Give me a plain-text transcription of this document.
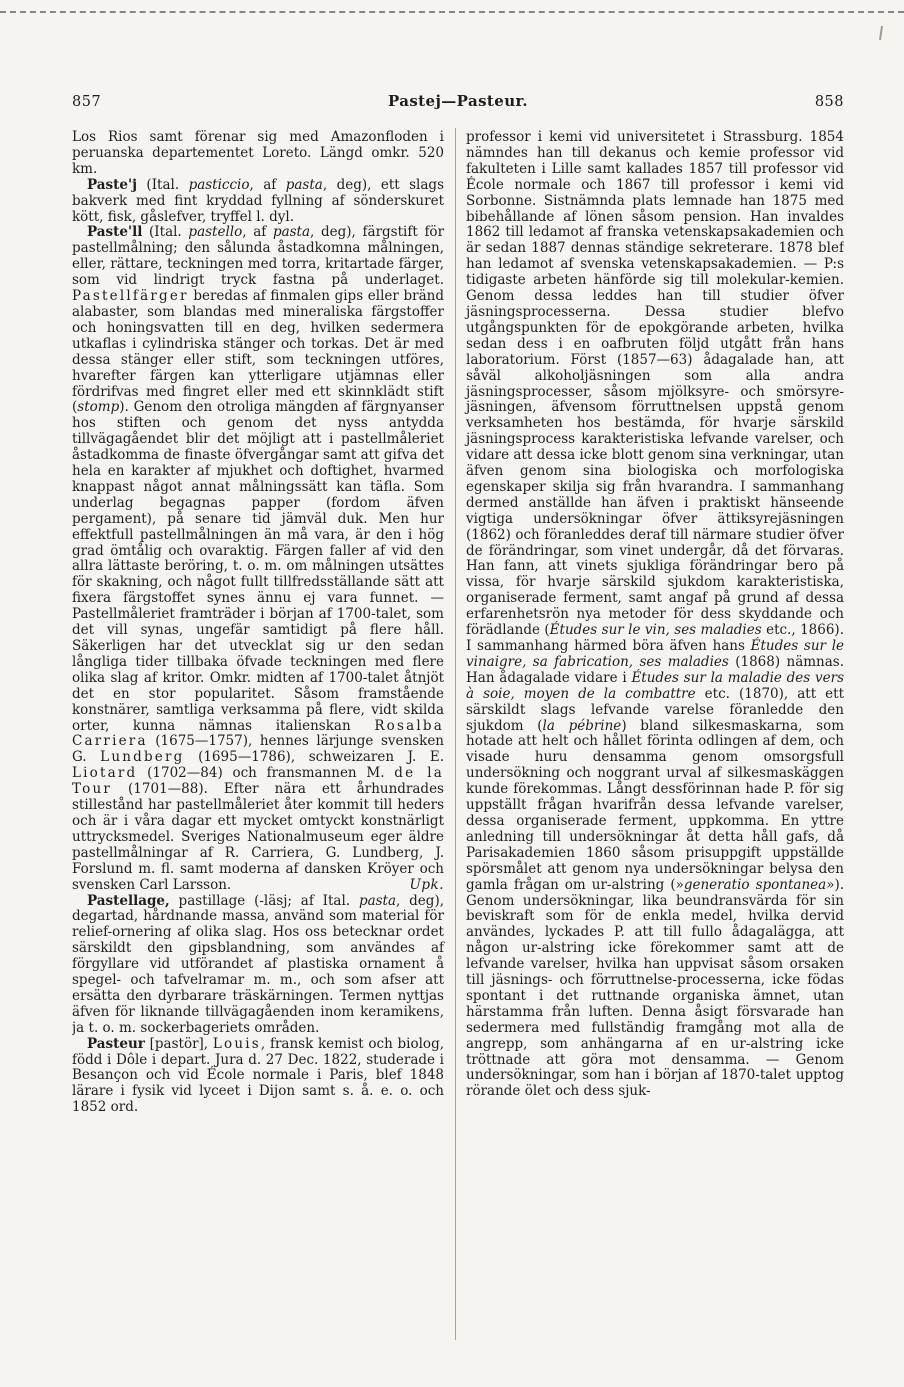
857	Pastej—Pasteur.	858

Los Rios samt förenar sig med Amazonfloden i peruanska departementet Loreto. Längd omkr. 520 km.

Paste'j (Ital. pasticcio, af pasta, deg), ett slags bakverk med fint kryddad fyllning af sönderskuret kött, fisk, gåslefver, tryffel l. dyl.

Paste'll (Ital. pastello, af pasta, deg), färgstift för pastellmålning; den sålunda åstadkomna målningen, eller, rättare, teckningen med torra, kritartade färger, som vid lindrigt tryck fastna på underlaget. Pastellfärger beredas af finmalen gips eller bränd alabaster, som blandas med mineraliska färgstoffer och honingsvatten till en deg, hvilken sedermera utkaflas i cylindriska stänger och torkas. Det är med dessa stänger eller stift, som teckningen utföres, hvarefter färgen kan ytterligare utjämnas eller fördrifvas med fingret eller med ett skinnklädt stift (stomp). Genom den otroliga mängden af färgnyanser hos stiften och genom det nyss antydda tillvägagåendet blir det möjligt att i pastellmåleriet åstadkomma de finaste öfvergångar samt att gifva det hela en karakter af mjukhet och doftighet, hvarmed knappast något annat målningssätt kan täfla. Som underlag begagnas papper (fordom äfven pergament), på senare tid jämväl duk. Men hur effektfull pastellmålningen än må vara, är den i hög grad ömtålig och ovaraktig. Färgen faller af vid den allra lättaste beröring, t. o. m. om målningen utsättes för skakning, och något fullt tillfredsställande sätt att fixera färgstoffet synes ännu ej vara funnet. — Pastellmåleriet framträder i början af 1700-talet, som det vill synas, ungefär samtidigt på flere håll. Säkerligen har det utvecklat sig ur den sedan långliga tider tillbaka öfvade teckningen med flere olika slag af kritor. Omkr. midten af 1700-talet åtnjöt det en stor popularitet. Såsom framstående konstnärer, samtliga verksamma på flere, vidt skilda orter, kunna nämnas italienskan Rosalba Carriera (1675—1757), hennes lärjunge svensken G. Lundberg (1695—1786), schweizaren J. E. Liotard (1702—84) och fransmannen M. de la Tour (1701—88). Efter nära ett århundrades stillestånd har pastellmåleriet åter kommit till heders och är i våra dagar ett mycket omtyckt konstnärligt uttrycksmedel. Sveriges Nationalmuseum eger äldre pastellmålningar af R. Carriera, G. Lundberg, J. Forslund m. fl. samt moderna af dansken Kröyer och svensken Carl Larsson.	Upk.

Pastellage, pastillage (-läsj; af Ital. pasta, deg), degartad, hårdnande massa, använd som material för relief-ornering af olika slag. Hos oss betecknar ordet särskildt den gipsblandning, som användes af förgyllare vid utförandet af plastiska ornament å spegel- och tafvelramar m. m., och som afser att ersätta den dyrbarare träskärningen. Termen nyttjas äfven för liknande tillvägagåenden inom keramikens, ja t. o. m. sockerbageriets områden.

Pasteur [pastör], Louis, fransk kemist och biolog, född i Dôle i depart. Jura d. 27 Dec. 1822, studerade i Besançon och vid École normale i Paris, blef 1848 lärare i fysik vid lyceet i Dijon samt s. å. e. o. och 1852 ord.

professor i kemi vid universitetet i Strassburg. 1854 nämndes han till dekanus och kemie professor vid fakulteten i Lille samt kallades 1857 till professor vid École normale och 1867 till professor i kemi vid Sorbonne. Sistnämnda plats lemnade han 1875 med bibehållande af lönen såsom pension. Han invaldes 1862 till ledamot af franska vetenskapsakademien och är sedan 1887 dennas ständige sekreterare. 1878 blef han ledamot af svenska vetenskapsakademien. — P:s tidigaste arbeten hänförde sig till molekular-kemien. Genom dessa leddes han till studier öfver jäsningsprocesserna. Dessa studier blefvo utgångspunkten för de epokgörande arbeten, hvilka sedan dess i en oafbruten följd utgått från hans laboratorium. Först (1857—63) ådagalade han, att såväl alkoholjäsningen som alla andra jäsningsprocesser, såsom mjölksyre- och smörsyre-jäsningen, äfvensom förruttnelsen uppstå genom verksamheten hos bestämda, för hvarje särskild jäsningsprocess karakteristiska lefvande varelser, och vidare att dessa icke blott genom sina verkningar, utan äfven genom sina biologiska och morfologiska egenskaper skilja sig från hvarandra. I sammanhang dermed anställde han äfven i praktiskt hänseende vigtiga undersökningar öfver ättiksyrejäsningen (1862) och föranleddes deraf till närmare studier öfver de förändringar, som vinet undergår, då det förvaras. Han fann, att vinets sjukliga förändringar bero på vissa, för hvarje särskild sjukdom karakteristiska, organiserade ferment, samt angaf på grund af dessa erfarenhetsrön nya metoder för dess skyddande och förädlande (Études sur le vin, ses maladies etc., 1866). I sammanhang härmed böra äfven hans Études sur le vinaigre, sa fabrication, ses maladies (1868) nämnas. Han ådagalade vidare i Études sur la maladie des vers à soie, moyen de la combattre etc. (1870), att ett särskildt slags lefvande varelse föranledde den sjukdom (la pébrine) bland silkesmaskarna, som hotade att helt och hållet förinta odlingen af dem, och visade huru densamma genom omsorgsfull undersökning och noggrant urval af silkesmaskäggen kunde förekommas. Långt dessförinnan hade P. för sig uppställt frågan hvarifrån dessa lefvande varelser, dessa organiserade ferment, uppkomma. En yttre anledning till undersökningar åt detta håll gafs, då Parisakademien 1860 såsom prisuppgift uppställde spörsmålet att genom nya undersökningar belysa den gamla frågan om ur-alstring (»generatio spontanea»). Genom undersökningar, lika beundransvärda för sin beviskraft som för de enkla medel, hvilka dervid användes, lyckades P. att till fullo ådagalägga, att någon ur-alstring icke förekommer samt att de lefvande varelser, hvilka han uppvisat såsom orsaken till jäsnings- och förruttnelse-processerna, icke födas spontant i det ruttnande organiska ämnet, utan härstamma från luften. Denna åsigt försvarade han sedermera med fullständig framgång mot alla de angrepp, som anhängarna af en ur-alstring icke tröttnade att göra mot densamma. — Genom undersökningar, som han i början af 1870-talet upptog rörande ölet och dess sjuk-
